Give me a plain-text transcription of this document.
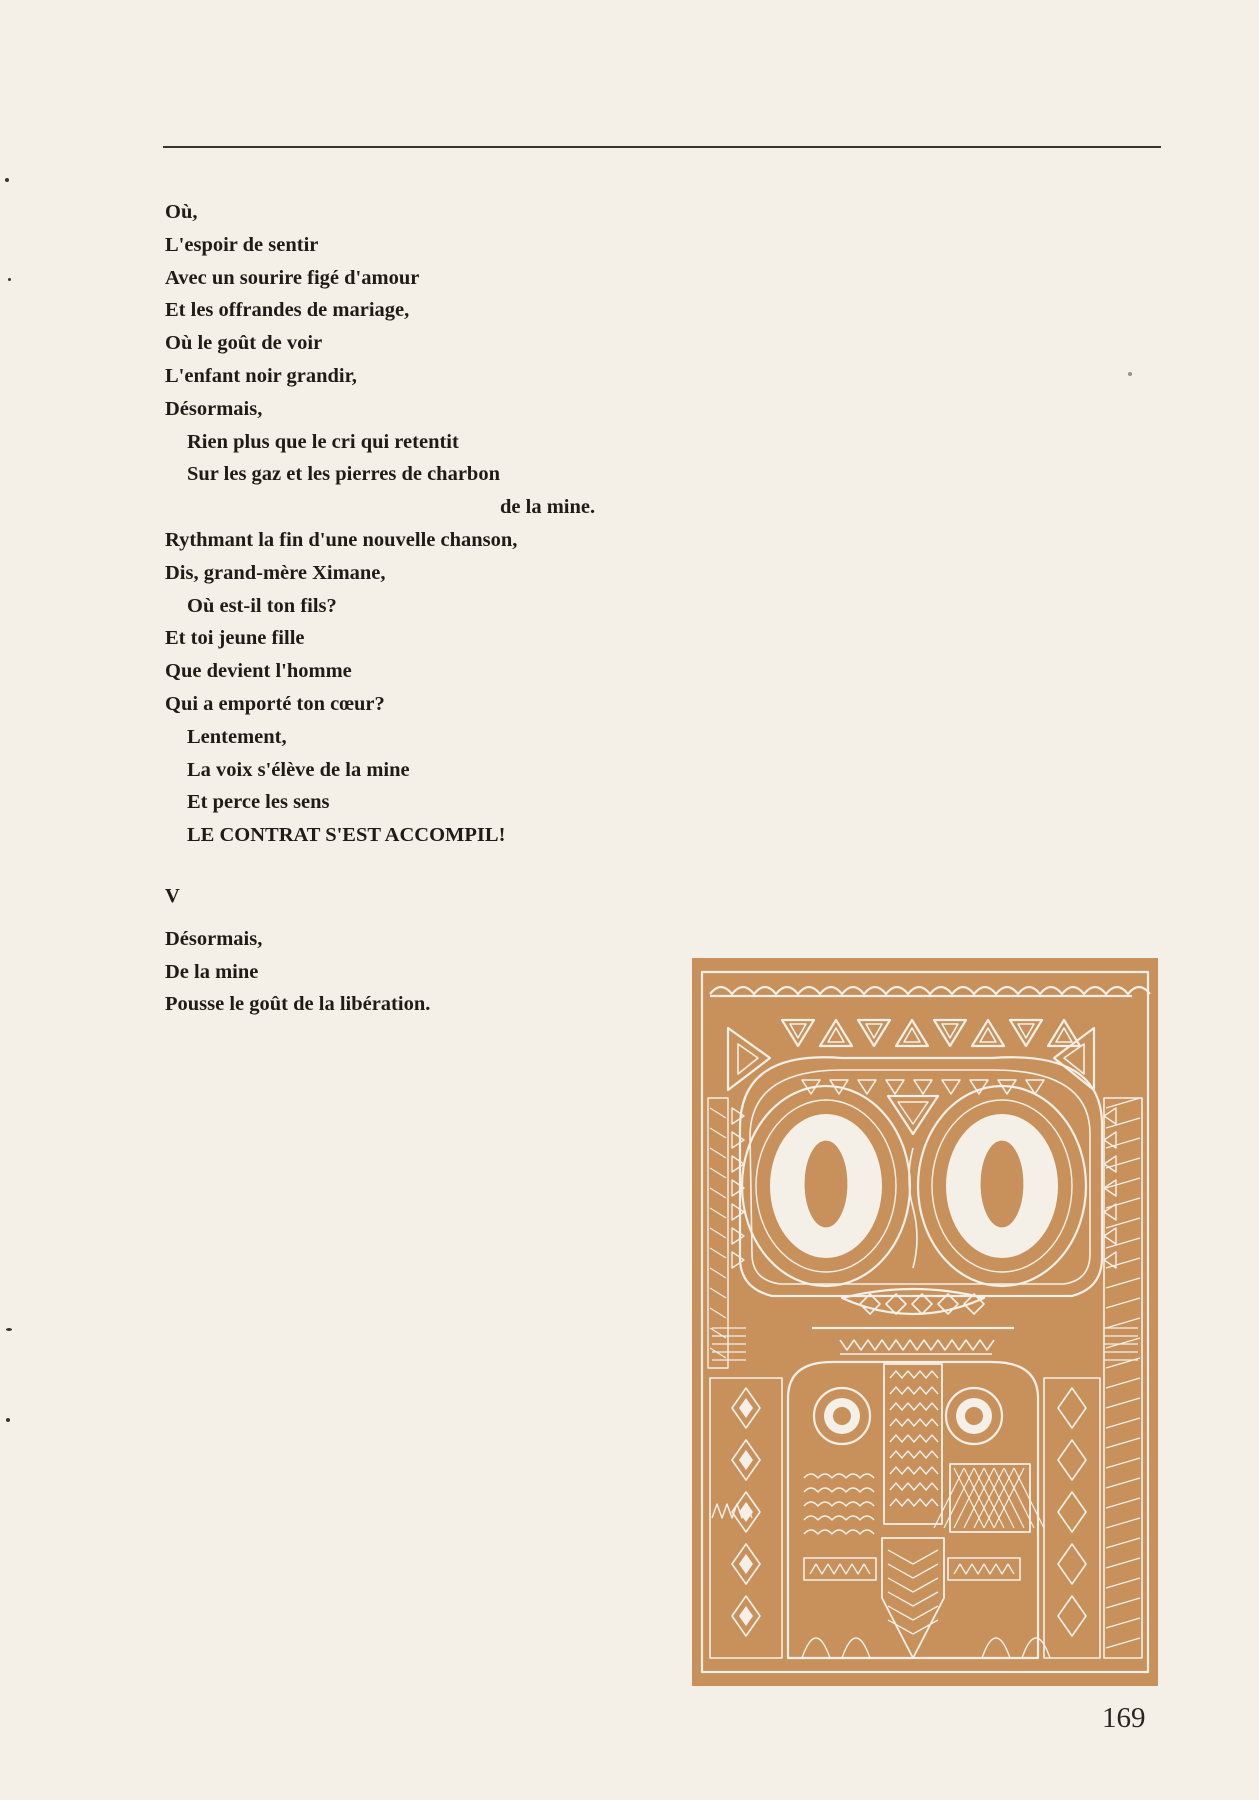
Où,
L'espoir de sentir
Avec un sourire figé d'amour
Et les offrandes de mariage,
Où le goût de voir
L'enfant noir grandir,
Désormais,
Rien plus que le cri qui retentit
Sur les gaz et les pierres de charbon
de la mine.
Rythmant la fin d'une nouvelle chanson,
Dis, grand-mère Ximane,
Où est-il ton fils?
Et toi jeune fille
Que devient l'homme
Qui a emporté ton cœur?
Lentement,
La voix s'élève de la mine
Et perce les sens
LE CONTRAT S'EST ACCOMPIL!
V
Désormais,
De la mine
Pousse le goût de la libération.
169
